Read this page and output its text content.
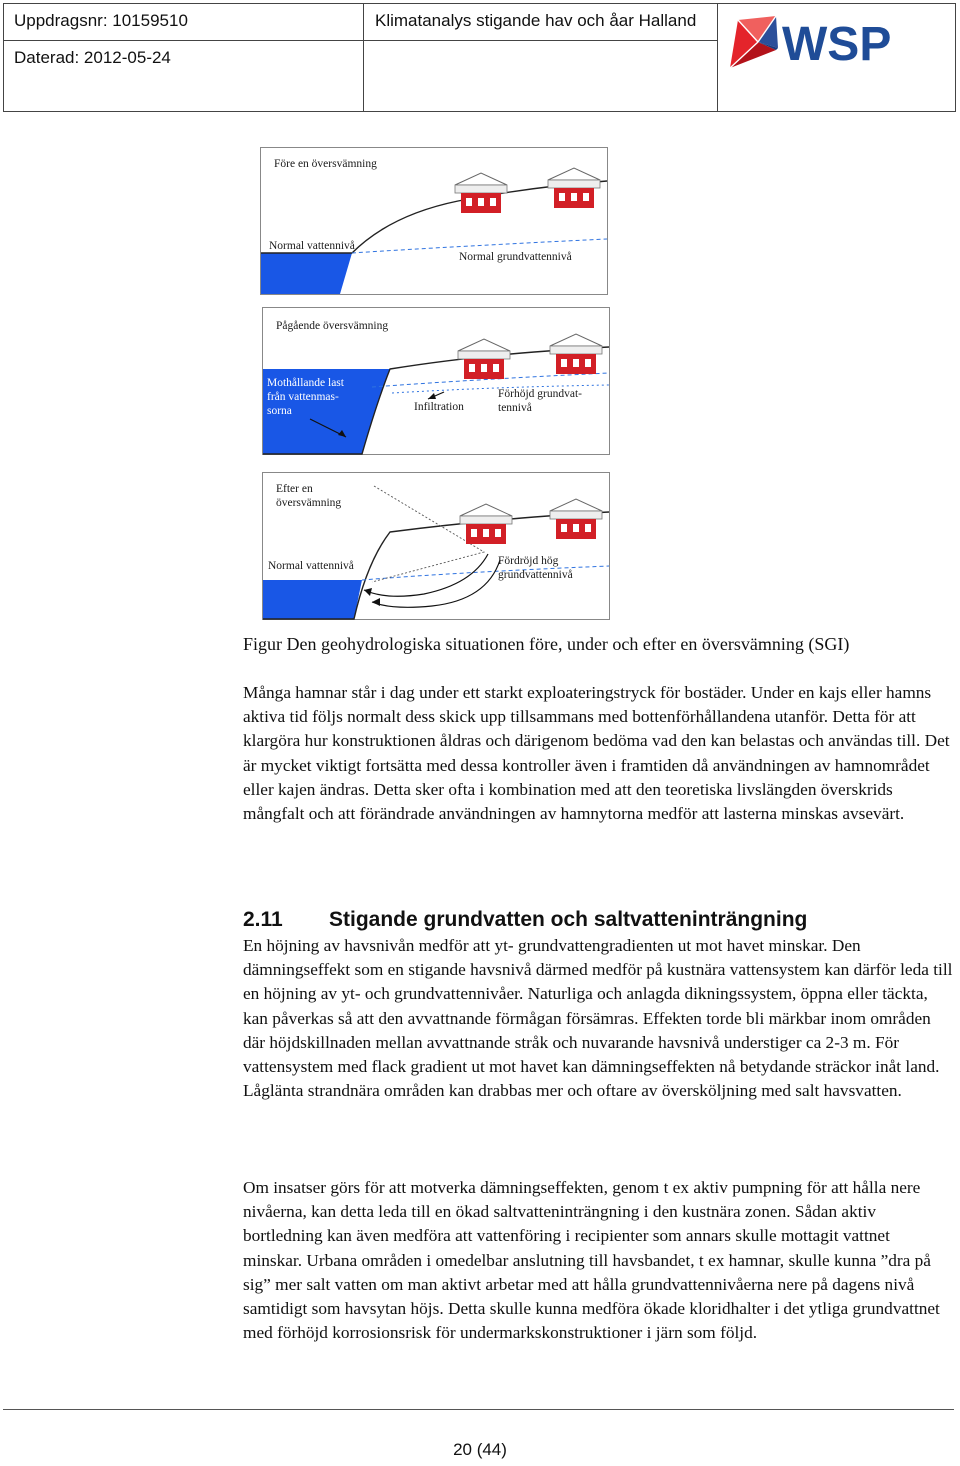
Uppdragsnr: 10159510	Klimatanalys stigande hav och åar Halland
Daterad: 2012-05-24	WSP
Före en översvämning
Normal vattennivå
Normal grundvattennivå
Pågående översvämning
Mothållande last
från vattenmas-
sorna	Infiltration
Förhöjd grundvat-
tennivå
Efter en
översvämning
Normal vattennivå	Fördröjd hög
grundvattennivå
Figur Den geohydrologiska situationen före, under och efter en översvämning (SGI)

Många hamnar står i dag under ett starkt exploateringstryck för bostäder. Under en kajs eller hamns aktiva tid följs normalt dess skick upp tillsammans med bottenförhållandena utanför. Detta för att klargöra hur konstruktionen åldras och därigenom bedöma vad den kan belastas och användas till. Det är mycket viktigt fortsätta med dessa kontroller även i framtiden då användningen av hamnområdet eller kajen ändras. Detta sker ofta i kombination med att den teoretiska livslängden överskrids mångfalt och att förändrade användningen av hamnytorna medför att lasterna minskas avsevärt.

2.11 Stigande grundvatten och saltvatteninträngning

En höjning av havsnivån medför att yt- grundvattengradienten ut mot havet minskar. Den dämningseffekt som en stigande havsnivå därmed medför på kustnära vattensystem kan därför leda till en höjning av yt- och grundvattennivåer. Naturliga och anlagda dikningssystem, öppna eller täckta, kan påverkas så att den avvattnande förmågan försämras. Effekten torde bli märkbar inom områden där höjdskillnaden mellan avvattnande stråk och nuvarande havsnivå understiger ca 2-3 m. För vattensystem med flack gradient ut mot havet kan dämningseffekten nå betydande sträckor inåt land. Låglänta strandnära områden kan drabbas mer och oftare av översköljning med salt havsvatten.

Om insatser görs för att motverka dämningseffekten, genom t ex aktiv pumpning för att hålla nere nivåerna, kan detta leda till en ökad saltvatteninträngning i den kustnära zonen. Sådan aktiv bortledning kan även medföra att vattenföring i recipienter som annars skulle mottagit vattnet minskar. Urbana områden i omedelbar anslutning till havsbandet, t ex hamnar, skulle kunna ”dra på sig” mer salt vatten om man aktivt arbetar med att hålla grundvattennivåerna nere på dagens nivå samtidigt som havsytan höjs. Detta skulle kunna medföra ökade kloridhalter i det ytliga grundvattnet med förhöjd korrosionsrisk för undermarkskonstruktioner i järn som följd.

20 (44)
